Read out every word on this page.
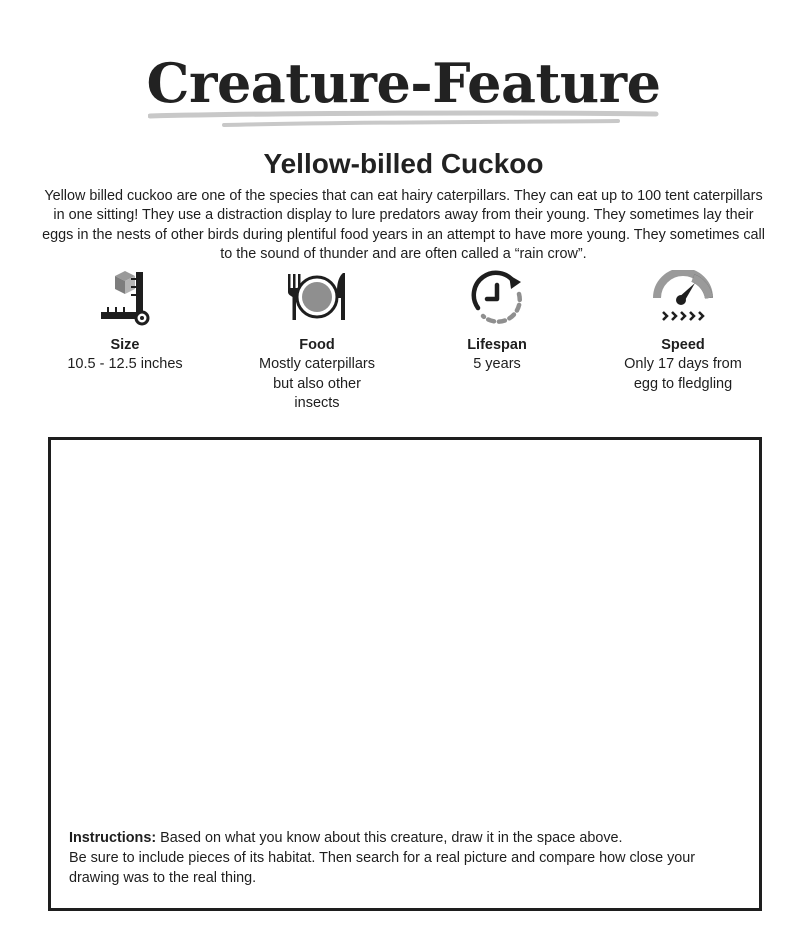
Creature-Feature
Yellow-billed Cuckoo
Yellow billed cuckoo are one of the species that can eat hairy caterpillars. They can eat up to 100 tent caterpillars in one sitting! They use a distraction display to lure predators away from their young. They sometimes lay their eggs in the nests of other birds during plentiful food years in an attempt to have more young. They sometimes call to the sound of thunder and are often called a “rain crow”.
Size
10.5 - 12.5 inches
Food
Mostly caterpillars but also other insects
Lifespan
5 years
Speed
Only 17 days from egg to fledgling
Instructions: Based on what you know about this creature, draw it in the space above.
Be sure to include pieces of its habitat. Then search for a real picture and compare how close your drawing was to the real thing.
